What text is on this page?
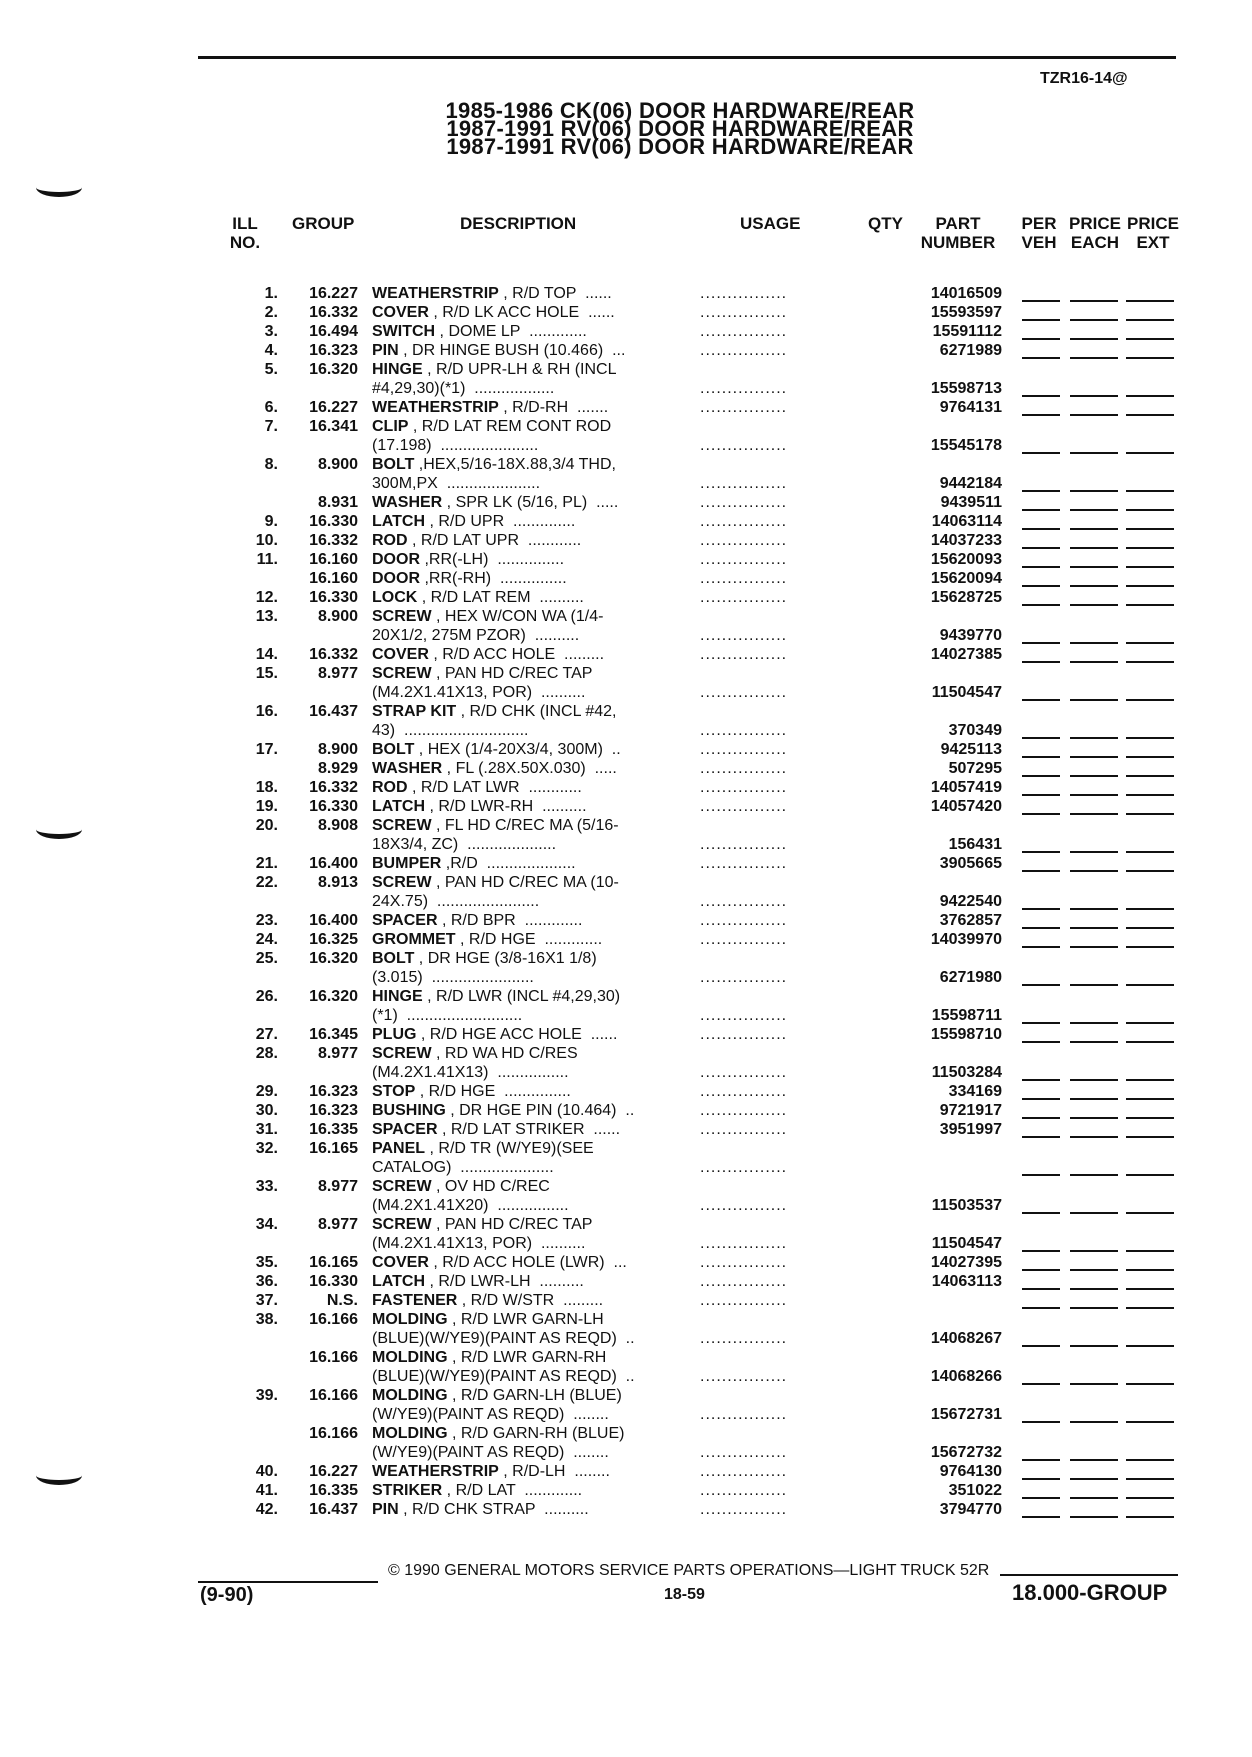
TZR16-14@
1985-1986 CK(06) DOOR HARDWARE/REAR
1987-1991 RV(06) DOOR HARDWARE/REAR
1987-1991 RV(06) DOOR HARDWARE/REAR
ILL
NO.
GROUP	DESCRIPTION	USAGE	QTY	PART
NUMBER
PER
VEH
PRICE
EACH
PRICE
EXT
1.	16.227 WEATHERSTRIP , R/D TOP  ......	................	14016509
2.	16.332 COVER , R/D LK ACC HOLE  ......	................	15593597
3.	16.494 SWITCH , DOME LP  .............	................	15591112
4.	16.323 PIN , DR HINGE BUSH (10.466)  ...	................	6271989
5.	16.320 HINGE , R/D UPR-LH & RH (INCL
#4,29,30)(*1)  ..................	................	15598713
6.	16.227 WEATHERSTRIP , R/D-RH  .......	................	9764131
7.	16.341 CLIP , R/D LAT REM CONT ROD
(17.198)  ......................	................	15545178
8.	8.900 BOLT ,HEX,5/16-18X.88,3/4 THD,
300M,PX  .....................	................	9442184
8.931 WASHER , SPR LK (5/16, PL)  .....	................	9439511
9.	16.330 LATCH , R/D UPR  ..............	................	14063114
10.	16.332 ROD , R/D LAT UPR  ............	................	14037233
11.	16.160 DOOR ,RR(-LH)  ...............	................	15620093
16.160 DOOR ,RR(-RH)  ...............	................	15620094
12.	16.330 LOCK , R/D LAT REM  ..........	................	15628725
13.	8.900 SCREW , HEX W/CON WA (1/4-
20X1/2, 275M PZOR)  ..........	................	9439770
14.	16.332 COVER , R/D ACC HOLE  .........	................	14027385
15.	8.977 SCREW , PAN HD C/REC TAP
(M4.2X1.41X13, POR)  ..........	................	11504547
16.	16.437 STRAP KIT , R/D CHK (INCL #42,
43)  ............................	................	370349
17.	8.900 BOLT , HEX (1/4-20X3/4, 300M)  ..	................	9425113
8.929 WASHER , FL (.28X.50X.030)  .....	................	507295
18.	16.332 ROD , R/D LAT LWR  ............	................	14057419
19.	16.330 LATCH , R/D LWR-RH  ..........	................	14057420
20.	8.908 SCREW , FL HD C/REC MA (5/16-
18X3/4, ZC)  ....................	................	156431
21.	16.400 BUMPER ,R/D  ....................	................	3905665
22.	8.913 SCREW , PAN HD C/REC MA (10-
24X.75)  .......................	................	9422540
23.	16.400 SPACER , R/D BPR  .............	................	3762857
24.	16.325 GROMMET , R/D HGE  .............	................	14039970
25.	16.320 BOLT , DR HGE (3/8-16X1 1/8)
(3.015)  .......................	................	6271980
26.	16.320 HINGE , R/D LWR (INCL #4,29,30)
(*1)  ..........................	................	15598711
27.	16.345 PLUG , R/D HGE ACC HOLE  ......	................	15598710
28.	8.977 SCREW , RD WA HD C/RES
(M4.2X1.41X13)  ................	................	11503284
29.	16.323 STOP , R/D HGE  ...............	................	334169
30.	16.323 BUSHING , DR HGE PIN (10.464)  ..	................	9721917
31.	16.335 SPACER , R/D LAT STRIKER  ......	................	3951997
32.	16.165 PANEL , R/D TR (W/YE9)(SEE
CATALOG)  .....................	................
33.	8.977 SCREW , OV HD C/REC
(M4.2X1.41X20)  ................	................	11503537
34.	8.977 SCREW , PAN HD C/REC TAP
(M4.2X1.41X13, POR)  ..........	................	11504547
35.	16.165 COVER , R/D ACC HOLE (LWR)  ...	................	14027395
36.	16.330 LATCH , R/D LWR-LH  ..........	................	14063113
37.	N.S. FASTENER , R/D W/STR  .........	................
38.	16.166 MOLDING , R/D LWR GARN-LH
(BLUE)(W/YE9)(PAINT AS REQD)  ..	................	14068267
16.166 MOLDING , R/D LWR GARN-RH
(BLUE)(W/YE9)(PAINT AS REQD)  ..	................	14068266
39.	16.166 MOLDING , R/D GARN-LH (BLUE)
(W/YE9)(PAINT AS REQD)  ........	................	15672731
16.166 MOLDING , R/D GARN-RH (BLUE)
(W/YE9)(PAINT AS REQD)  ........	................	15672732
40.	16.227 WEATHERSTRIP , R/D-LH  ........	................	9764130
41.	16.335 STRIKER , R/D LAT  .............	................	351022
42.	16.437 PIN , R/D CHK STRAP  ..........	................	3794770
© 1990 GENERAL MOTORS SERVICE PARTS OPERATIONS—LIGHT TRUCK 52R
(9-90)	18-59	18.000-GROUP
